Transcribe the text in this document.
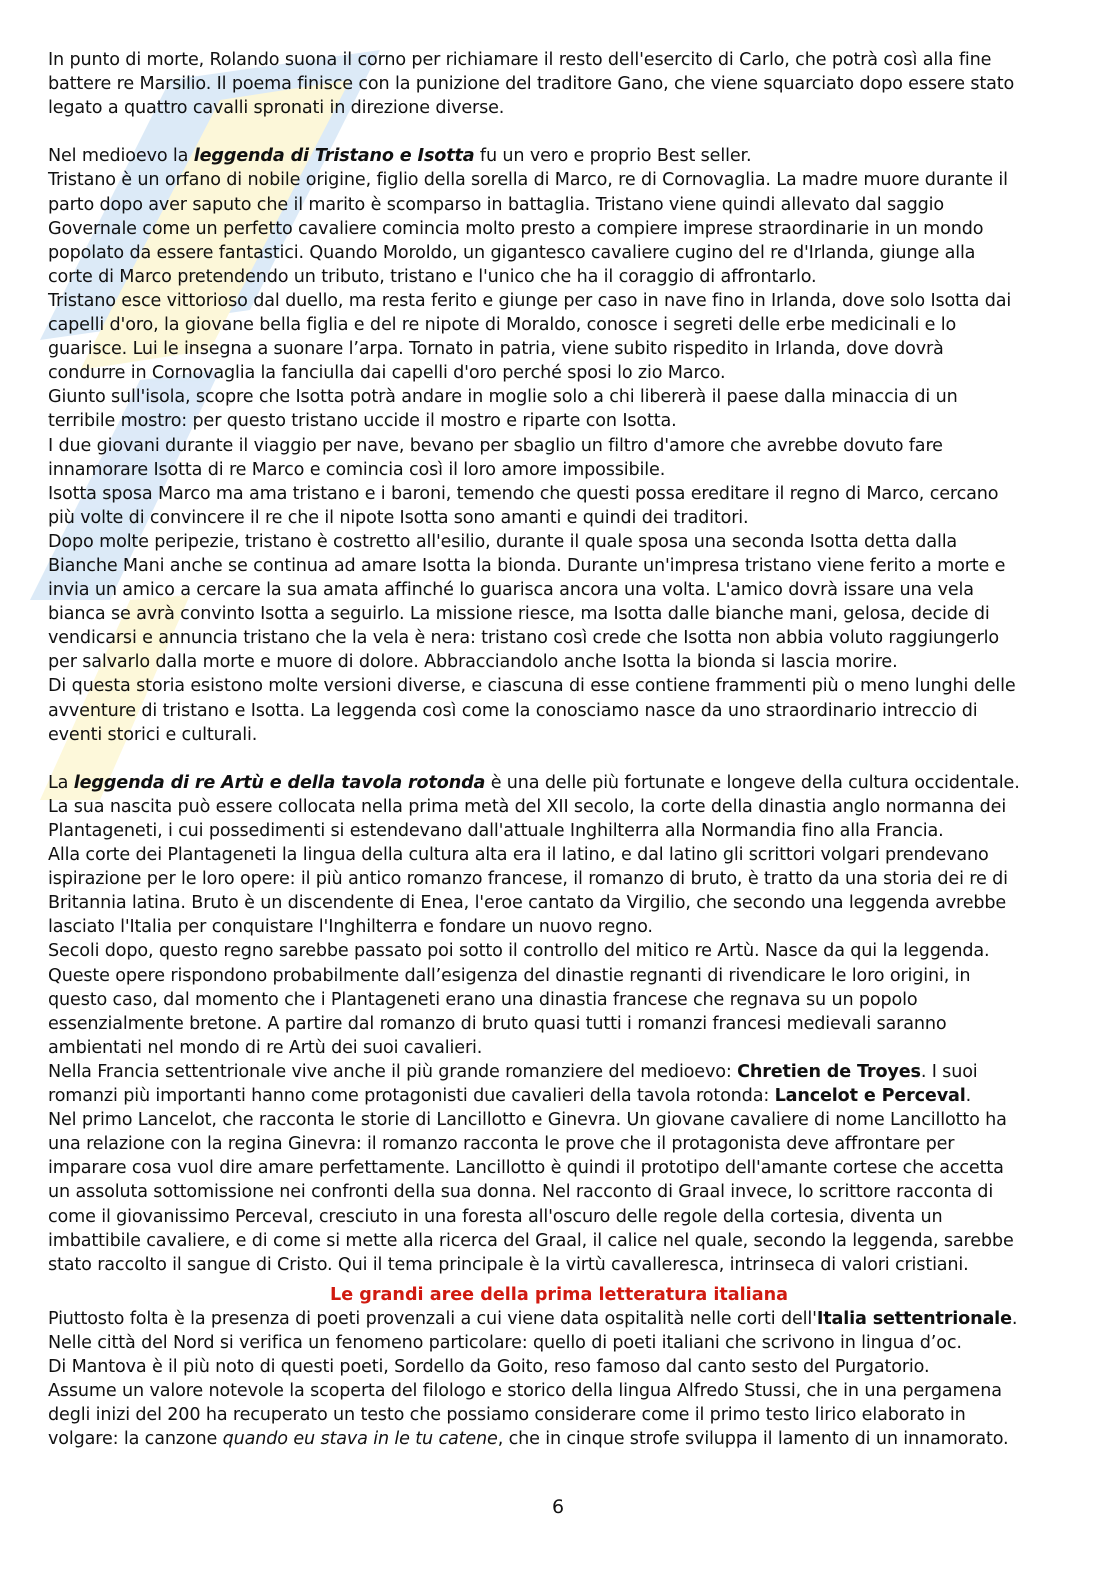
In punto di morte, Rolando suona il corno per richiamare il resto dell'esercito di Carlo, che potrà così alla fine
battere re Marsilio. Il poema finisce con la punizione del traditore Gano, che viene squarciato dopo essere stato
legato a quattro cavalli spronati in direzione diverse.
Nel medioevo la leggenda di Tristano e Isotta fu un vero e proprio Best seller.
Tristano è un orfano di nobile origine, figlio della sorella di Marco, re di Cornovaglia. La madre muore durante il
parto dopo aver saputo che il marito è scomparso in battaglia. Tristano viene quindi allevato dal saggio
Governale come un perfetto cavaliere comincia molto presto a compiere imprese straordinarie in un mondo
popolato da essere fantastici. Quando Moroldo, un gigantesco cavaliere cugino del re d'Irlanda, giunge alla
corte di Marco pretendendo un tributo, tristano e l'unico che ha il coraggio di affrontarlo.
Tristano esce vittorioso dal duello, ma resta ferito e giunge per caso in nave fino in Irlanda, dove solo Isotta dai
capelli d'oro, la giovane bella figlia e del re nipote di Moraldo, conosce i segreti delle erbe medicinali e lo
guarisce. Lui le insegna a suonare l’arpa. Tornato in patria, viene subito rispedito in Irlanda, dove dovrà
condurre in Cornovaglia la fanciulla dai capelli d'oro perché sposi lo zio Marco.
Giunto sull'isola, scopre che Isotta potrà andare in moglie solo a chi libererà il paese dalla minaccia di un
terribile mostro: per questo tristano uccide il mostro e riparte con Isotta.
I due giovani durante il viaggio per nave, bevano per sbaglio un filtro d'amore che avrebbe dovuto fare
innamorare Isotta di re Marco e comincia così il loro amore impossibile.
Isotta sposa Marco ma ama tristano e i baroni, temendo che questi possa ereditare il regno di Marco, cercano
più volte di convincere il re che il nipote Isotta sono amanti e quindi dei traditori.
Dopo molte peripezie, tristano è costretto all'esilio, durante il quale sposa una seconda Isotta detta dalla
Bianche Mani anche se continua ad amare Isotta la bionda. Durante un'impresa tristano viene ferito a morte e
invia un amico a cercare la sua amata affinché lo guarisca ancora una volta. L'amico dovrà issare una vela
bianca se avrà convinto Isotta a seguirlo. La missione riesce, ma Isotta dalle bianche mani, gelosa, decide di
vendicarsi e annuncia tristano che la vela è nera: tristano così crede che Isotta non abbia voluto raggiungerlo
per salvarlo dalla morte e muore di dolore. Abbracciandolo anche Isotta la bionda si lascia morire.
Di questa storia esistono molte versioni diverse, e ciascuna di esse contiene frammenti più o meno lunghi delle
avventure di tristano e Isotta. La leggenda così come la conosciamo nasce da uno straordinario intreccio di
eventi storici e culturali.
La leggenda di re Artù e della tavola rotonda è una delle più fortunate e longeve della cultura occidentale.
La sua nascita può essere collocata nella prima metà del XII secolo, la corte della dinastia anglo normanna dei
Plantageneti, i cui possedimenti si estendevano dall'attuale Inghilterra alla Normandia fino alla Francia.
Alla corte dei Plantageneti la lingua della cultura alta era il latino, e dal latino gli scrittori volgari prendevano
ispirazione per le loro opere: il più antico romanzo francese, il romanzo di bruto, è tratto da una storia dei re di
Britannia latina. Bruto è un discendente di Enea, l'eroe cantato da Virgilio, che secondo una leggenda avrebbe
lasciato l'Italia per conquistare l'Inghilterra e fondare un nuovo regno.
Secoli dopo, questo regno sarebbe passato poi sotto il controllo del mitico re Artù. Nasce da qui la leggenda.
Queste opere rispondono probabilmente dall’esigenza del dinastie regnanti di rivendicare le loro origini, in
questo caso, dal momento che i Plantageneti erano una dinastia francese che regnava su un popolo
essenzialmente bretone. A partire dal romanzo di bruto quasi tutti i romanzi francesi medievali saranno
ambientati nel mondo di re Artù dei suoi cavalieri.
Nella Francia settentrionale vive anche il più grande romanziere del medioevo: Chretien de Troyes. I suoi
romanzi più importanti hanno come protagonisti due cavalieri della tavola rotonda: Lancelot e Perceval.
Nel primo Lancelot, che racconta le storie di Lancillotto e Ginevra. Un giovane cavaliere di nome Lancillotto ha
una relazione con la regina Ginevra: il romanzo racconta le prove che il protagonista deve affrontare per
imparare cosa vuol dire amare perfettamente. Lancillotto è quindi il prototipo dell'amante cortese che accetta
un assoluta sottomissione nei confronti della sua donna. Nel racconto di Graal invece, lo scrittore racconta di
come il giovanissimo Perceval, cresciuto in una foresta all'oscuro delle regole della cortesia, diventa un
imbattibile cavaliere, e di come si mette alla ricerca del Graal, il calice nel quale, secondo la leggenda, sarebbe
stato raccolto il sangue di Cristo. Qui il tema principale è la virtù cavalleresca, intrinseca di valori cristiani.
Le grandi aree della prima letteratura italiana
Piuttosto folta è la presenza di poeti provenzali a cui viene data ospitalità nelle corti dell'Italia settentrionale.
Nelle città del Nord si verifica un fenomeno particolare: quello di poeti italiani che scrivono in lingua d’oc.
Di Mantova è il più noto di questi poeti, Sordello da Goito, reso famoso dal canto sesto del Purgatorio.
Assume un valore notevole la scoperta del filologo e storico della lingua Alfredo Stussi, che in una pergamena
degli inizi del 200 ha recuperato un testo che possiamo considerare come il primo testo lirico elaborato in
volgare: la canzone quando eu stava in le tu catene, che in cinque strofe sviluppa il lamento di un innamorato.
6
